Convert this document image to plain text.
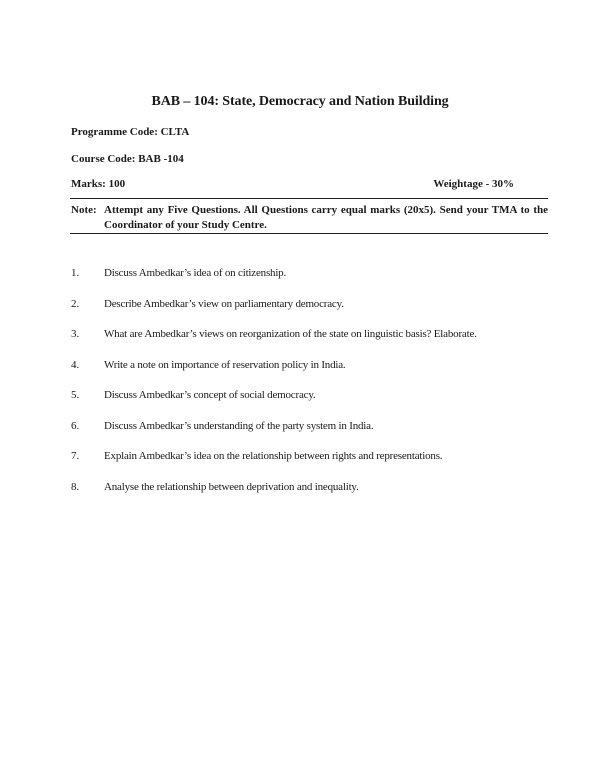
BAB – 104: State, Democracy and Nation Building
Programme Code: CLTA
Course Code: BAB -104
Marks: 100	Weightage - 30%
Note: Attempt any Five Questions. All Questions carry equal marks (20x5). Send your TMA to the Coordinator of your Study Centre.
1.	Discuss Ambedkar’s idea of on citizenship.
2.	Describe Ambedkar’s view on parliamentary democracy.
3.	What are Ambedkar’s views on reorganization of the state on linguistic basis? Elaborate.
4.	Write a note on importance of reservation policy in India.
5.	Discuss Ambedkar’s concept of social democracy.
6.	Discuss Ambedkar’s understanding of the party system in India.
7.	Explain Ambedkar’s idea on the relationship between rights and representations.
8.	Analyse the relationship between deprivation and inequality.
